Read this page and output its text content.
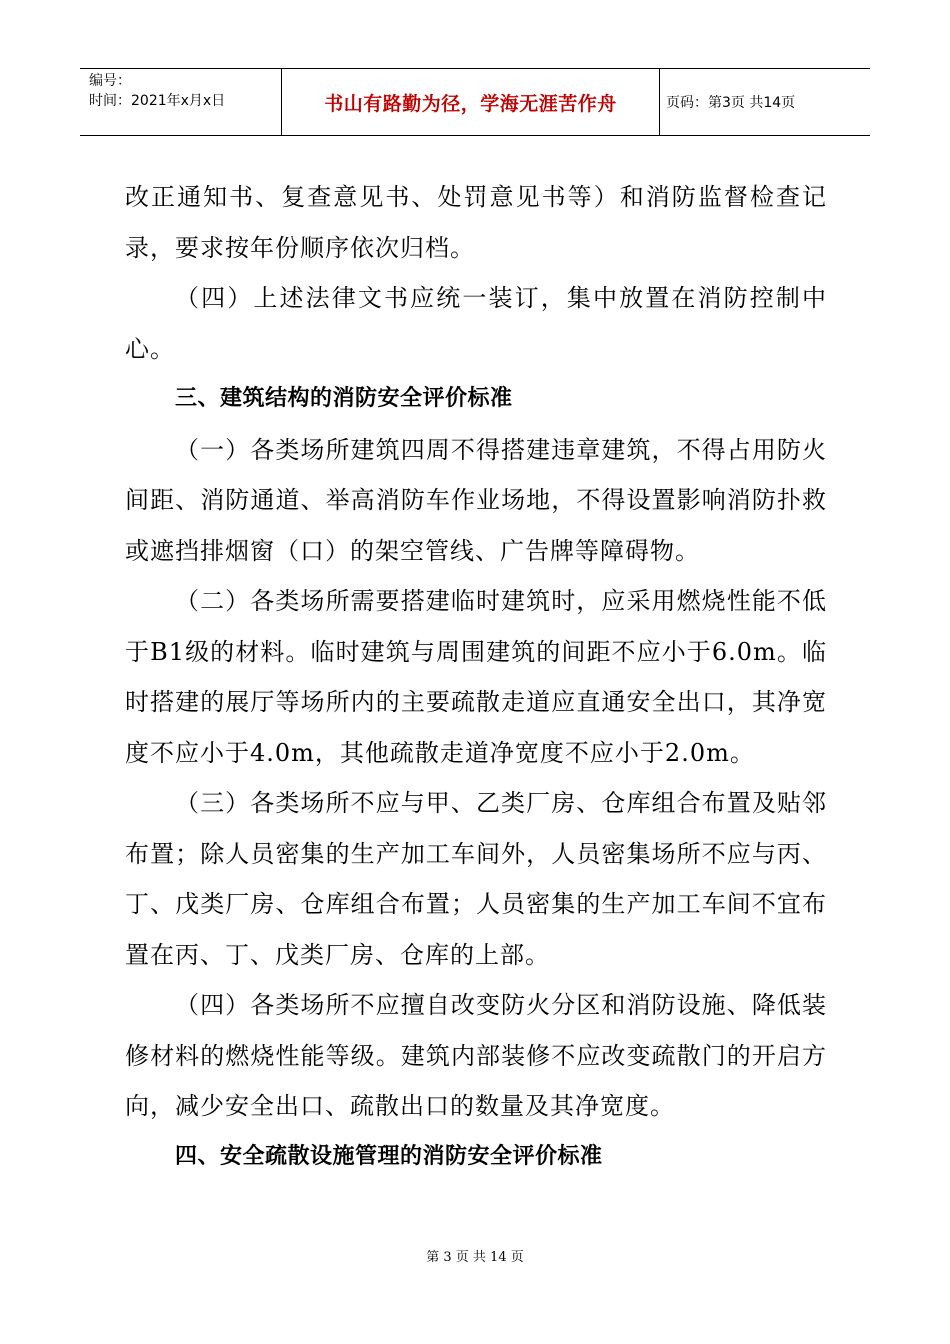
编号：
时间：2021年x月x日	书山有路勤为径，学海无涯苦作舟	页码：第3页 共14页

改正通知书、复查意见书、处罚意见书等）和消防监督检查记录，要求按年份顺序依次归档。

（四）上述法律文书应统一装订，集中放置在消防控制中心。

三、建筑结构的消防安全评价标准

（一）各类场所建筑四周不得搭建违章建筑，不得占用防火间距、消防通道、举高消防车作业场地，不得设置影响消防扑救或遮挡排烟窗（口）的架空管线、广告牌等障碍物。

（二）各类场所需要搭建临时建筑时，应采用燃烧性能不低于B1级的材料。临时建筑与周围建筑的间距不应小于6.0m。临时搭建的展厅等场所内的主要疏散走道应直通安全出口，其净宽度不应小于4.0m，其他疏散走道净宽度不应小于2.0m。

（三）各类场所不应与甲、乙类厂房、仓库组合布置及贴邻布置；除人员密集的生产加工车间外，人员密集场所不应与丙、丁、戊类厂房、仓库组合布置；人员密集的生产加工车间不宜布置在丙、丁、戊类厂房、仓库的上部。

（四）各类场所不应擅自改变防火分区和消防设施、降低装修材料的燃烧性能等级。建筑内部装修不应改变疏散门的开启方向，减少安全出口、疏散出口的数量及其净宽度。

四、安全疏散设施管理的消防安全评价标准

第 3 页 共 14 页
